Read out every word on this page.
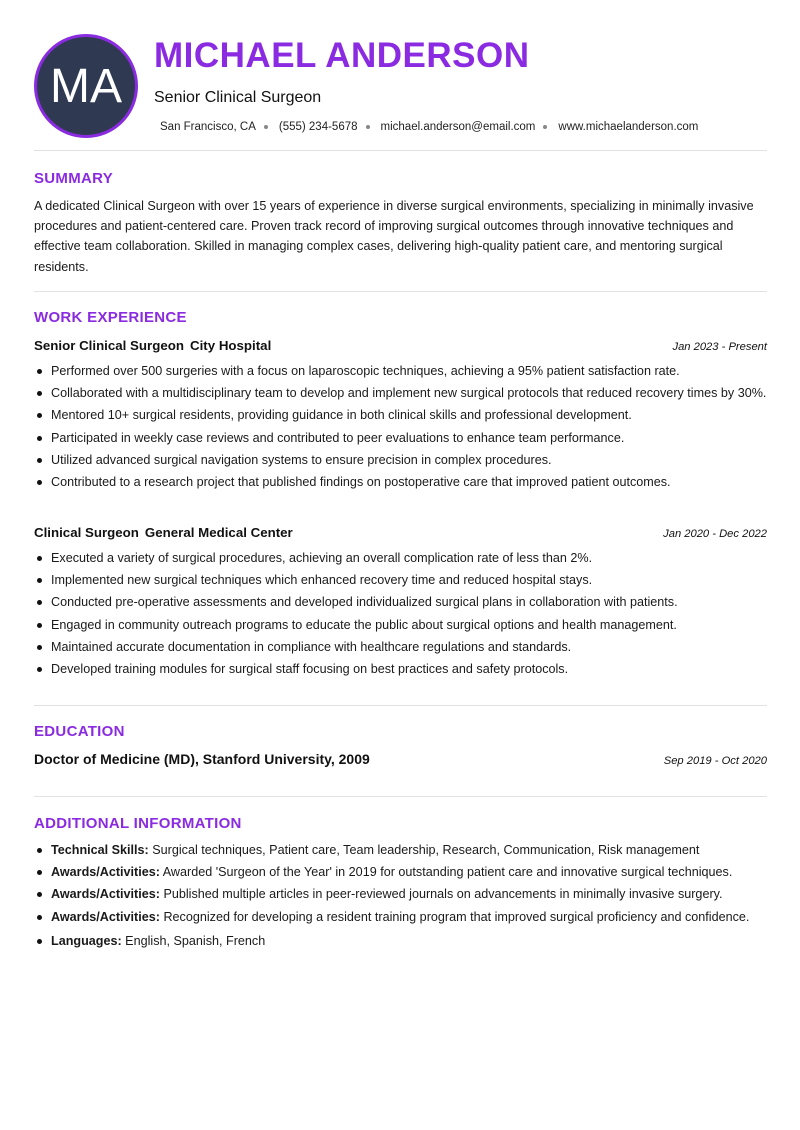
MA
MICHAEL ANDERSON
Senior Clinical Surgeon
San Francisco, CA (555) 234-5678 michael.anderson@email.com www.michaelanderson.com
SUMMARY

A dedicated Clinical Surgeon with over 15 years of experience in diverse surgical environments, specializing in minimally invasive procedures and patient-centered care. Proven track record of improving surgical outcomes through innovative techniques and effective team collaboration. Skilled in managing complex cases, delivering high-quality patient care, and mentoring surgical residents.

WORK EXPERIENCE
Senior Clinical Surgeon City Hospital	Jan 2023 - Present
Performed over 500 surgeries with a focus on laparoscopic techniques, achieving a 95% patient satisfaction rate.
Collaborated with a multidisciplinary team to develop and implement new surgical protocols that reduced recovery times by 30%.
Mentored 10+ surgical residents, providing guidance in both clinical skills and professional development.
Participated in weekly case reviews and contributed to peer evaluations to enhance team performance.
Utilized advanced surgical navigation systems to ensure precision in complex procedures.
Contributed to a research project that published findings on postoperative care that improved patient outcomes.
Clinical Surgeon General Medical Center	Jan 2020 - Dec 2022
Executed a variety of surgical procedures, achieving an overall complication rate of less than 2%.
Implemented new surgical techniques which enhanced recovery time and reduced hospital stays.
Conducted pre-operative assessments and developed individualized surgical plans in collaboration with patients.
Engaged in community outreach programs to educate the public about surgical options and health management.
Maintained accurate documentation in compliance with healthcare regulations and standards.
Developed training modules for surgical staff focusing on best practices and safety protocols.
EDUCATION
Doctor of Medicine (MD), Stanford University, 2009	Sep 2019 - Oct 2020
ADDITIONAL INFORMATION
Technical Skills: Surgical techniques, Patient care, Team leadership, Research, Communication, Risk management
Awards/Activities: Awarded 'Surgeon of the Year' in 2019 for outstanding patient care and innovative surgical techniques.
Awards/Activities: Published multiple articles in peer-reviewed journals on advancements in minimally invasive surgery.
Awards/Activities: Recognized for developing a resident training program that improved surgical proficiency and confidence.
Languages: English, Spanish, French
